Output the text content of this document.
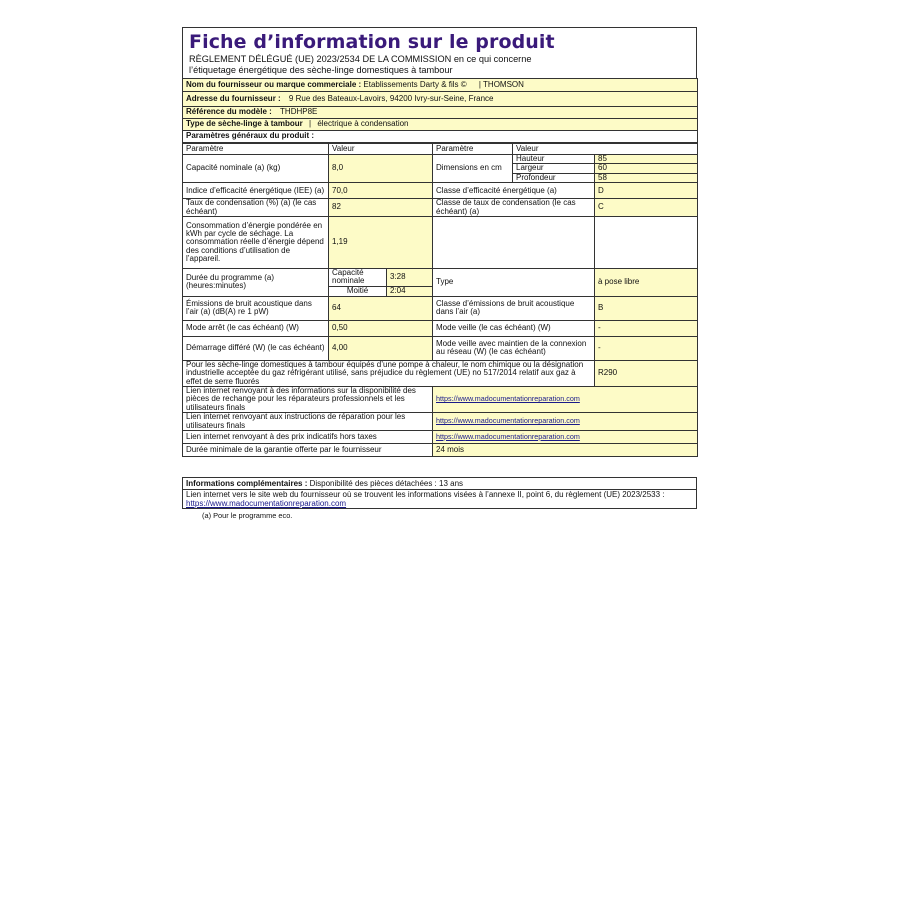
Fiche d’information sur le produit
RÈGLEMENT DÉLÉGUÉ (UE) 2023/2534 DE LA COMMISSION en ce qui concerne
l’étiquetage énergétique des sèche-linge domestiques à tambour
Nom du fournisseur ou marque commerciale : Etablissements Darty & fils © | THOMSON
Adresse du fournisseur : 9 Rue des Bateaux-Lavoirs, 94200 Ivry-sur-Seine, France
Référence du modèle : THDHP8E
Type de sèche-linge à tambour | électrique à condensation
Paramètres généraux du produit :
Paramètre	Valeur		Paramètre	Valeur	
Capacité nominale (a) (kg)	8,0		Dimensions en cm	Hauteur	85
				Largeur	60
				Profondeur	58
Indice d’efficacité énergétique (IEE) (a)	70,0		Classe d’efficacité énergétique (a)		D
Taux de condensation (%) (a) (le cas échéant)	82		Classe de taux de condensation (le cas échéant) (a)		C
Consommation d’énergie pondérée en kWh par cycle de séchage. La consommation réelle d’énergie dépend des conditions d’utilisation de l’appareil.	1,19				
Durée du programme (a) (heures:minutes)	Capacité nominale	3:28	Type		à pose libre
	Moitié	2:04			
Émissions de bruit acoustique dans l’air (a) (dB(A) re 1 pW)	64		Classe d’émissions de bruit acoustique dans l’air (a)		B
Mode arrêt (le cas échéant) (W)	0,50		Mode veille (le cas échéant) (W)		-
Démarrage différé (W) (le cas échéant)	4,00		Mode veille avec maintien de la connexion au réseau (W) (le cas échéant)		-
Pour les sèche-linge domestiques à tambour équipés d’une pompe à chaleur, le nom chimique ou la désignation industrielle acceptée du gaz réfrigérant utilisé, sans préjudice du règlement (UE) no 517/2014 relatif aux gaz à effet de serre fluorés					R290
Lien internet renvoyant à des informations sur la disponibilité des pièces de rechange pour les réparateurs professionnels et les utilisateurs finals			https://www.madocumentationreparation.com		
Lien internet renvoyant aux instructions de réparation pour les utilisateurs finals			https://www.madocumentationreparation.com		
Lien internet renvoyant à des prix indicatifs hors taxes			https://www.madocumentationreparation.com		
Durée minimale de la garantie offerte par le fournisseur			24 mois		
Informations complémentaires : Disponibilité des pièces détachées : 13 ans
Lien internet vers le site web du fournisseur où se trouvent les informations visées à l’annexe II, point 6, du règlement (UE) 2023/2533 : https://www.madocumentationreparation.com
(a) Pour le programme eco.
